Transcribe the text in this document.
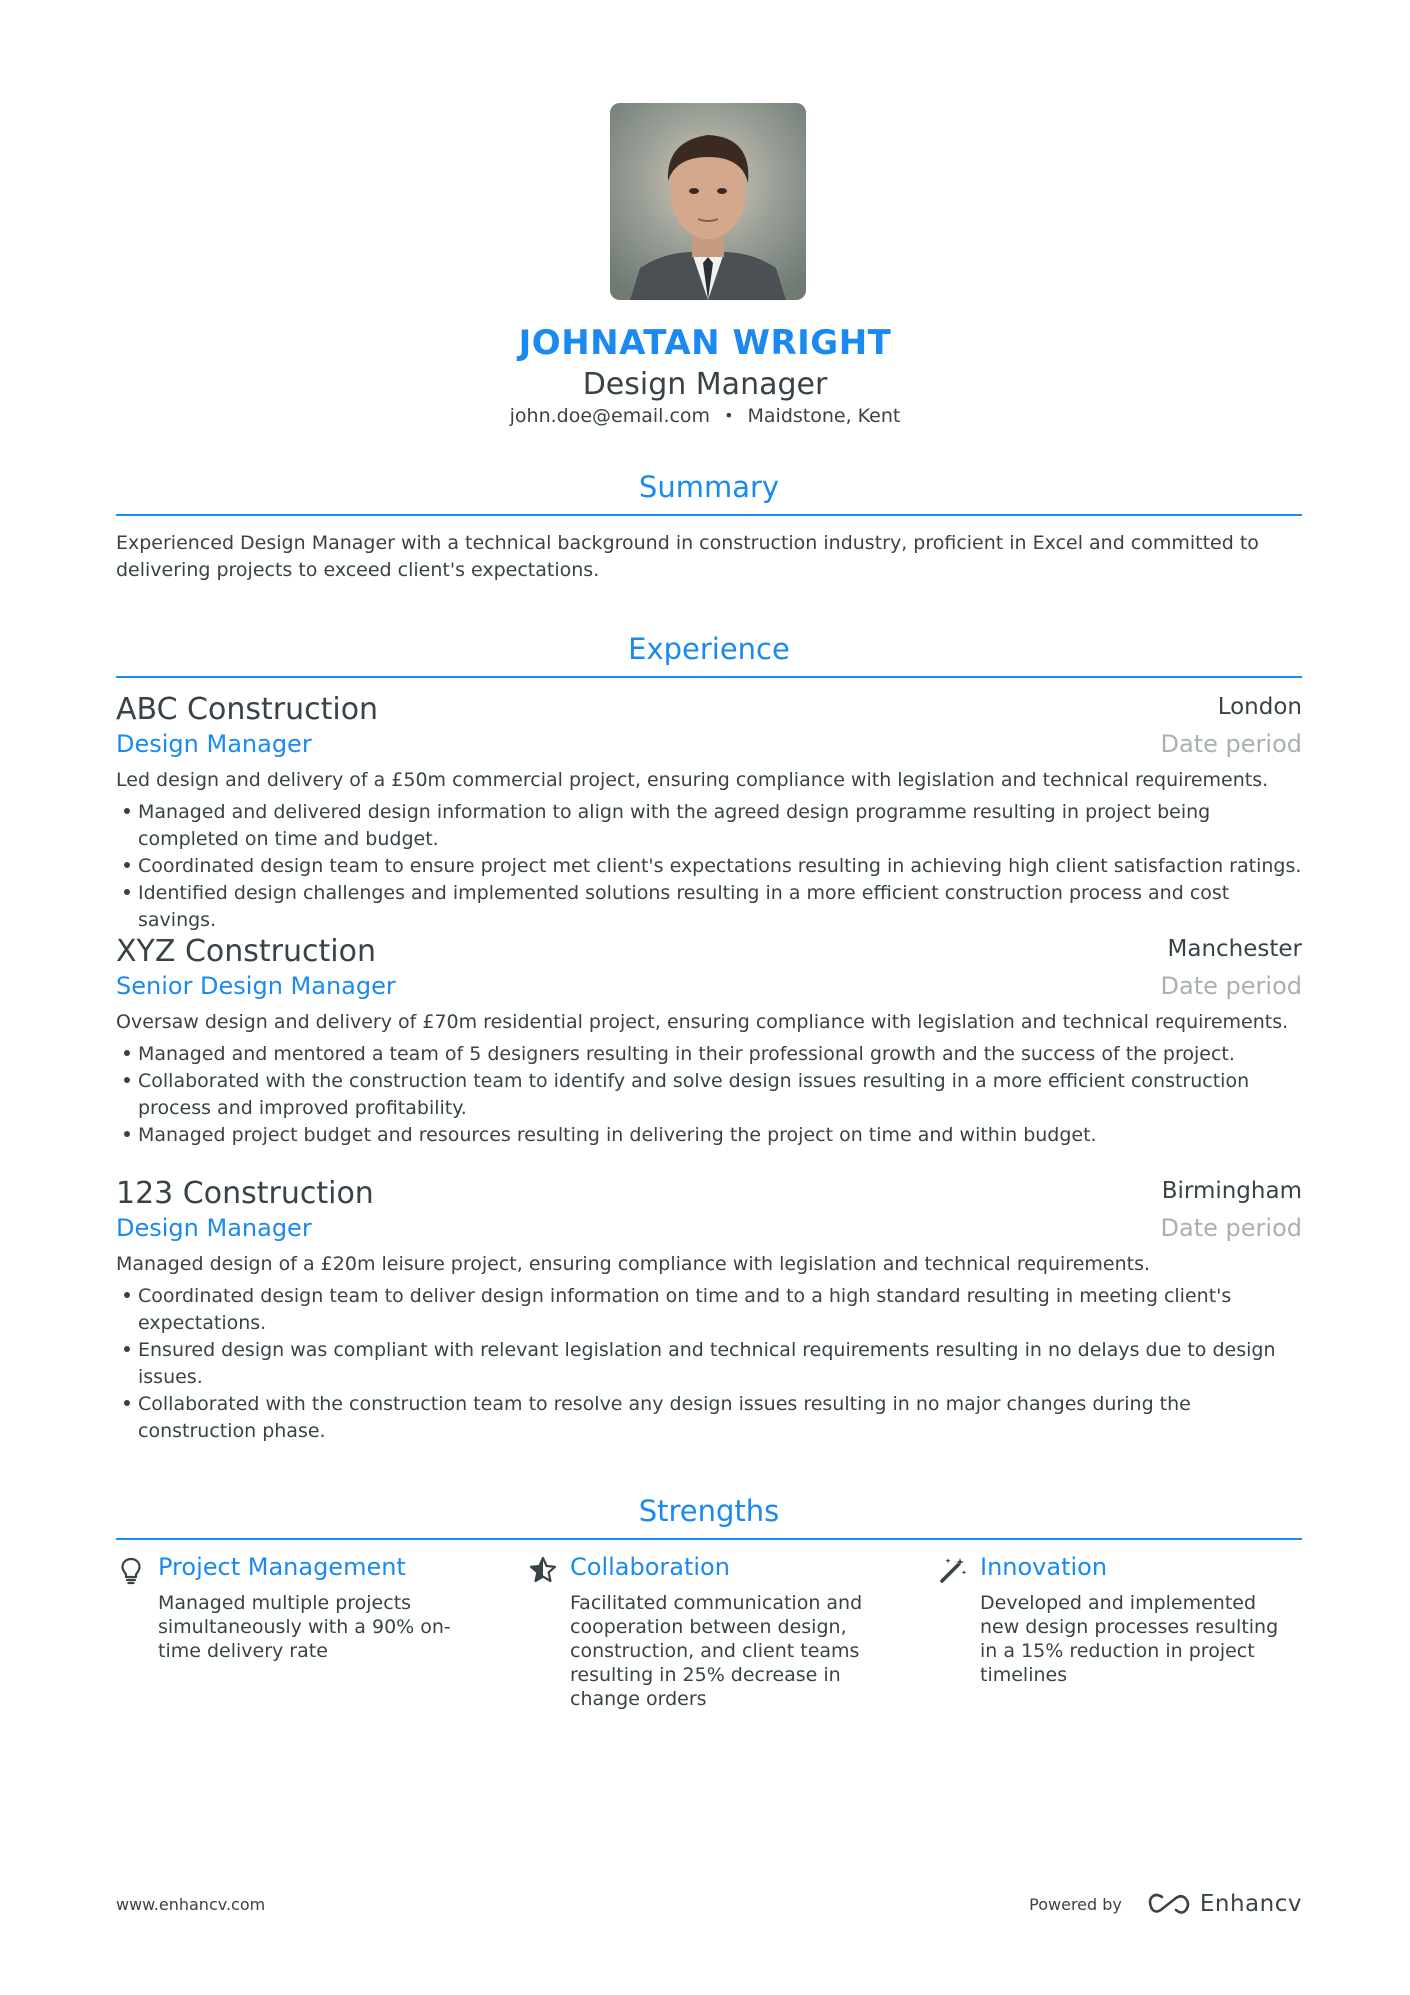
JOHNATAN WRIGHT
Design Manager
john.doe@email.com • Maidstone, Kent
Summary
Experienced Design Manager with a technical background in construction industry, proficient in Excel and committed to delivering projects to exceed client's expectations.
Experience
ABC Construction	London
Design Manager	Date period
Led design and delivery of a £50m commercial project, ensuring compliance with legislation and technical requirements.
Managed and delivered design information to align with the agreed design programme resulting in project being completed on time and budget.
Coordinated design team to ensure project met client's expectations resulting in achieving high client satisfaction ratings.
Identified design challenges and implemented solutions resulting in a more efficient construction process and cost savings.
XYZ Construction	Manchester
Senior Design Manager	Date period
Oversaw design and delivery of £70m residential project, ensuring compliance with legislation and technical requirements.
Managed and mentored a team of 5 designers resulting in their professional growth and the success of the project.
Collaborated with the construction team to identify and solve design issues resulting in a more efficient construction process and improved profitability.
Managed project budget and resources resulting in delivering the project on time and within budget.
123 Construction	Birmingham
Design Manager	Date period
Managed design of a £20m leisure project, ensuring compliance with legislation and technical requirements.
Coordinated design team to deliver design information on time and to a high standard resulting in meeting client's expectations.
Ensured design was compliant with relevant legislation and technical requirements resulting in no delays due to design issues.
Collaborated with the construction team to resolve any design issues resulting in no major changes during the construction phase.
Strengths
Project Management
Managed multiple projects simultaneously with a 90% on-time delivery rate
Collaboration
Facilitated communication and cooperation between design, construction, and client teams resulting in 25% decrease in change orders
Innovation
Developed and implemented new design processes resulting in a 15% reduction in project timelines
www.enhancv.com	Powered by	Enhancv
